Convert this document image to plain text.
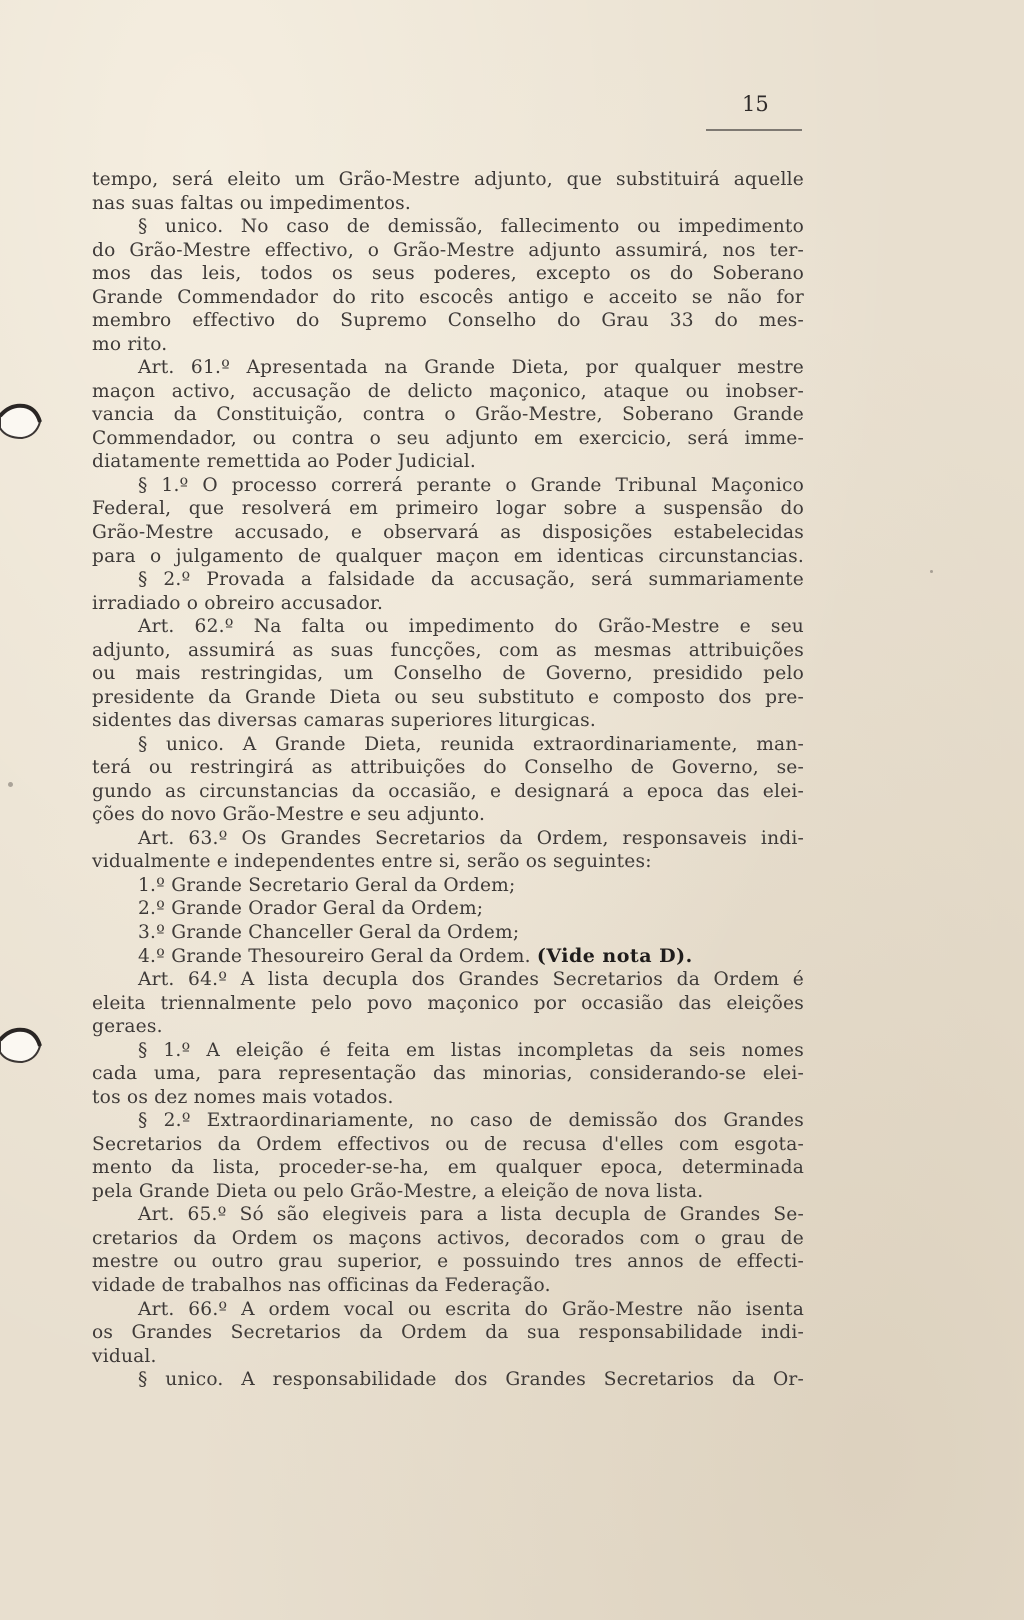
15
tempo, será eleito um Grão-Mestre adjunto, que substituirá aquelle
nas suas faltas ou impedimentos.
§ unico. No caso de demissão, fallecimento ou impedimento
do Grão-Mestre effectivo, o Grão-Mestre adjunto assumirá, nos ter-
mos das leis, todos os seus poderes, excepto os do Soberano
Grande Commendador do rito escocês antigo e acceito se não for
membro effectivo do Supremo Conselho do Grau 33 do mes-
mo rito.
Art. 61.º Apresentada na Grande Dieta, por qualquer mestre
maçon activo, accusação de delicto maçonico, ataque ou inobser-
vancia da Constituição, contra o Grão-Mestre, Soberano Grande
Commendador, ou contra o seu adjunto em exercicio, será imme-
diatamente remettida ao Poder Judicial.
§ 1.º O processo correrá perante o Grande Tribunal Maçonico
Federal, que resolverá em primeiro logar sobre a suspensão do
Grão-Mestre accusado, e observará as disposições estabelecidas
para o julgamento de qualquer maçon em identicas circunstancias.
§ 2.º Provada a falsidade da accusação, será summariamente
irradiado o obreiro accusador.
Art. 62.º Na falta ou impedimento do Grão-Mestre e seu
adjunto, assumirá as suas funcções, com as mesmas attribuições
ou mais restringidas, um Conselho de Governo, presidido pelo
presidente da Grande Dieta ou seu substituto e composto dos pre-
sidentes das diversas camaras superiores liturgicas.
§ unico. A Grande Dieta, reunida extraordinariamente, man-
terá ou restringirá as attribuições do Conselho de Governo, se-
gundo as circunstancias da occasião, e designará a epoca das elei-
ções do novo Grão-Mestre e seu adjunto.
Art. 63.º Os Grandes Secretarios da Ordem, responsaveis indi-
vidualmente e independentes entre si, serão os seguintes:
1.º Grande Secretario Geral da Ordem;
2.º Grande Orador Geral da Ordem;
3.º Grande Chanceller Geral da Ordem;
4.º Grande Thesoureiro Geral da Ordem. (Vide nota D).
Art. 64.º A lista decupla dos Grandes Secretarios da Ordem é
eleita triennalmente pelo povo maçonico por occasião das eleições
geraes.
§ 1.º A eleição é feita em listas incompletas da seis nomes
cada uma, para representação das minorias, considerando-se elei-
tos os dez nomes mais votados.
§ 2.º Extraordinariamente, no caso de demissão dos Grandes
Secretarios da Ordem effectivos ou de recusa d'elles com esgota-
mento da lista, proceder-se-ha, em qualquer epoca, determinada
pela Grande Dieta ou pelo Grão-Mestre, a eleição de nova lista.
Art. 65.º Só são elegiveis para a lista decupla de Grandes Se-
cretarios da Ordem os maçons activos, decorados com o grau de
mestre ou outro grau superior, e possuindo tres annos de effecti-
vidade de trabalhos nas officinas da Federação.
Art. 66.º A ordem vocal ou escrita do Grão-Mestre não isenta
os Grandes Secretarios da Ordem da sua responsabilidade indi-
vidual.
§ unico. A responsabilidade dos Grandes Secretarios da Or-
